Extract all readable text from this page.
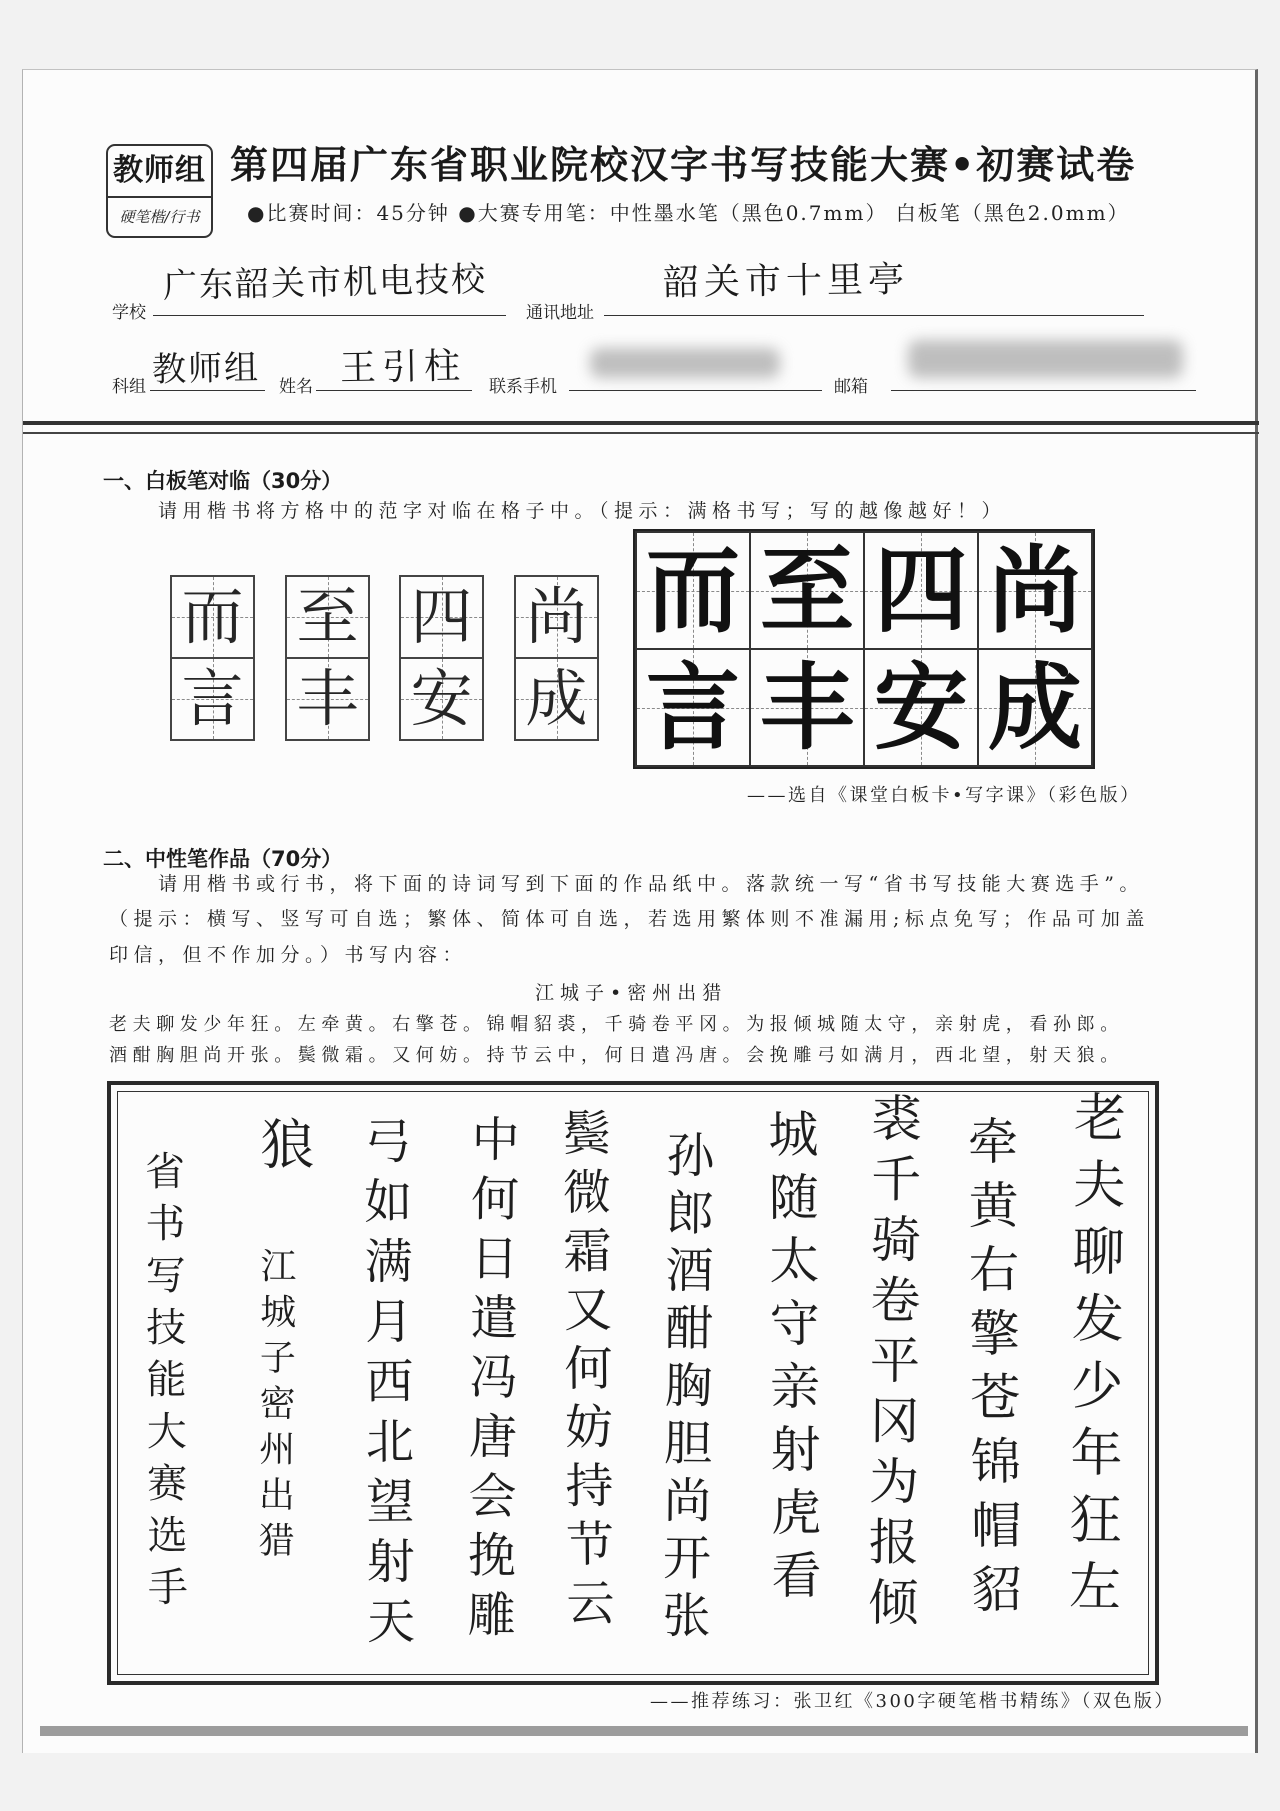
教师组
硬笔楷/行书
第四届广东省职业院校汉字书写技能大赛•初赛试卷
●比赛时间：45分钟 ●大赛专用笔：中性墨水笔（黑色0.7mm） 白板笔（黑色2.0mm）
学校
广东韶关市机电技校
通讯地址
韶关市十里亭
科组 教师组 姓名 王引柱 联系手机	邮箱
一、白板笔对临（30分）
请用楷书将方格中的范字对临在格子中。（提示：满格书写；写的越像越好！）
而
言
至
丰
四
安
尚
成
而 至 四 尚
言 丰 安 成
——选自《课堂白板卡•写字课》（彩色版）
二、中性笔作品（70分）
请用楷书或行书，将下面的诗词写到下面的作品纸中。落款统一写“省书写技能大赛选手”。
（提示：横写、竖写可自选；繁体、简体可自选，若选用繁体则不准漏用;标点免写；作品可加盖
印信，但不作加分。）书写内容：
江城子•密州出猎
老夫聊发少年狂。左牵黄。右擎苍。锦帽貂裘，千骑卷平冈。为报倾城随太守，亲射虎，看孙郎。
酒酣胸胆尚开张。鬓微霜。又何妨。持节云中，何日遣冯唐。会挽雕弓如满月，西北望，射天狼。
老夫聊发少年狂左
牵黄右擎苍锦帽貂
裘千骑卷平冈为报倾
城随太守亲射虎看
孙郎酒酣胸胆尚开张
鬓微霜又何妨持节云
中何日遣冯唐会挽雕
弓如满月西北望射天
狼
江城子密州出猎
省书写技能大赛选手
——推荐练习：张卫红《300字硬笔楷书精练》（双色版）
